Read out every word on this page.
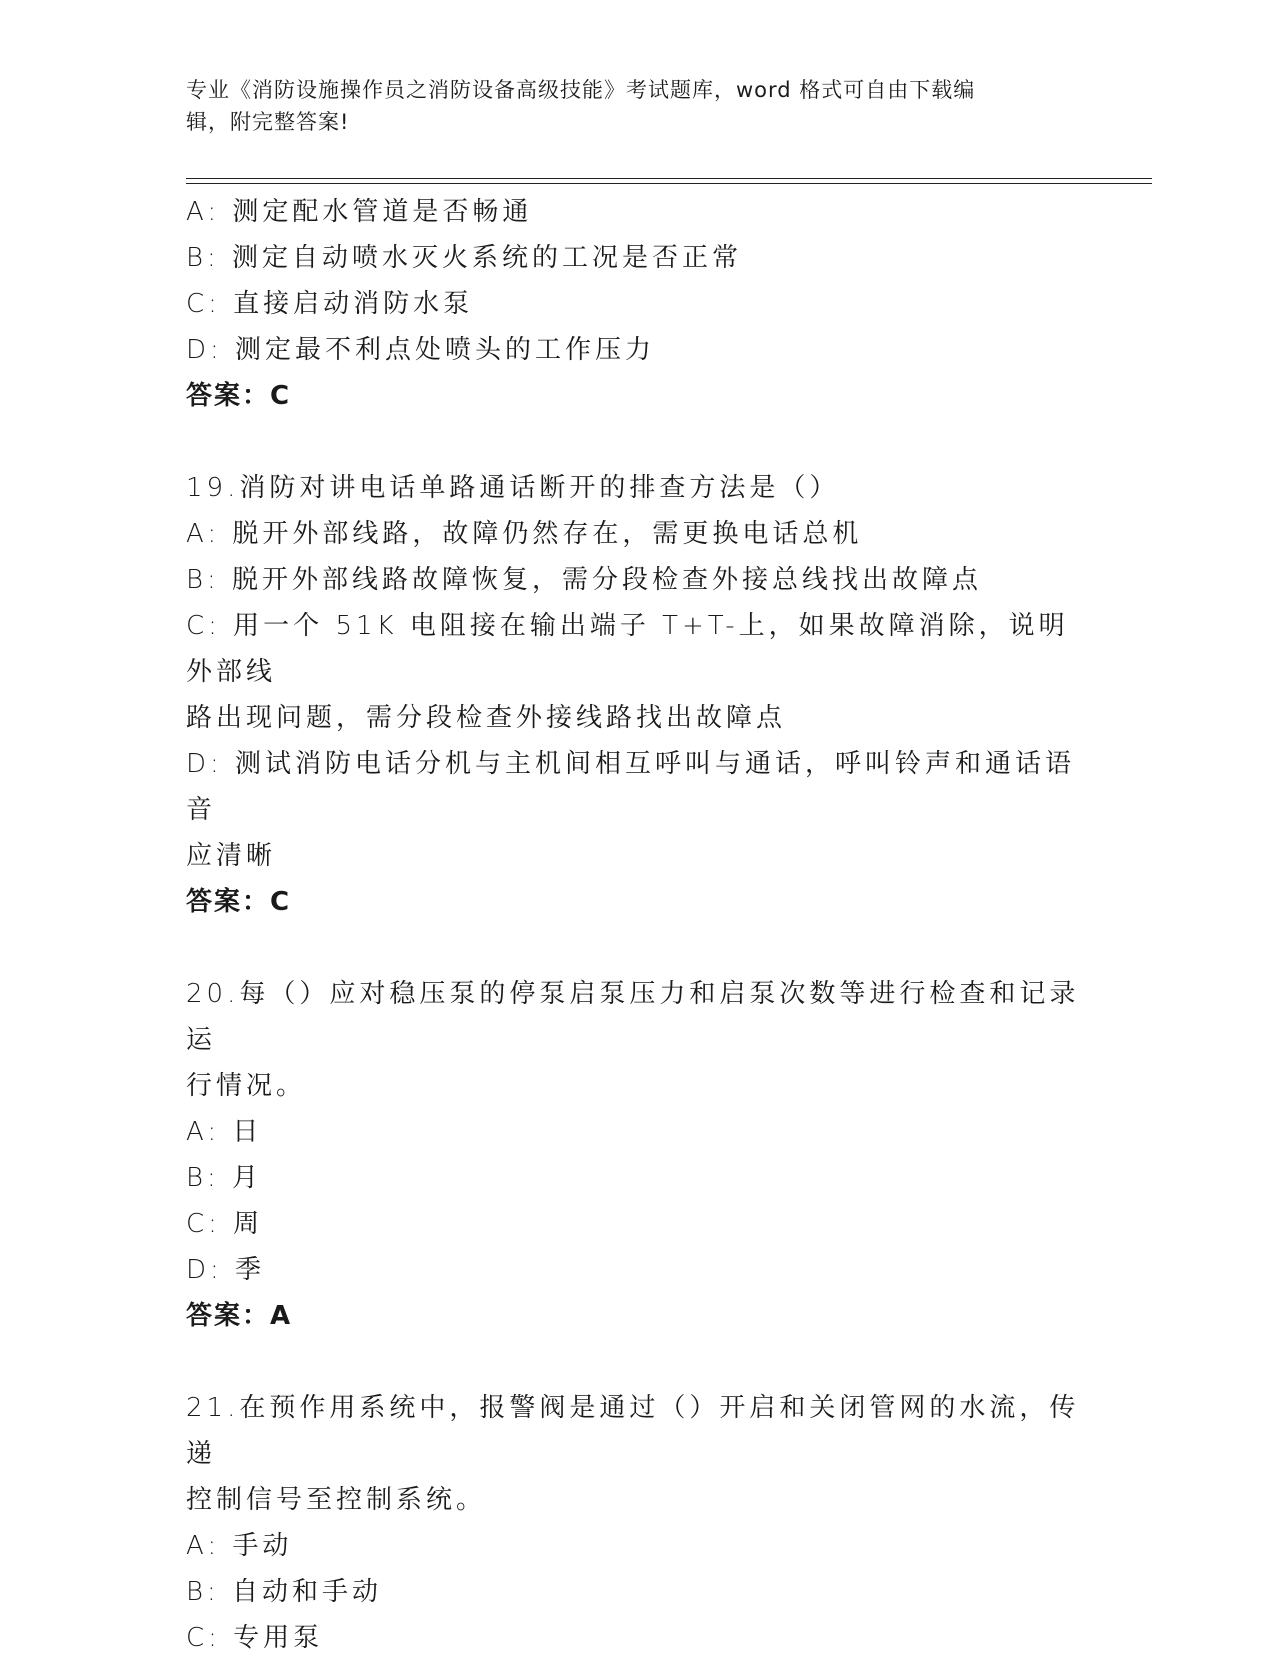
专业《消防设施操作员之消防设备高级技能》考试题库，word 格式可自由下载编
辑，附完整答案!
A: 测定配水管道是否畅通
B: 测定自动喷水灭火系统的工况是否正常
C: 直接启动消防水泵
D: 测定最不利点处喷头的工作压力
答案：C
19.消防对讲电话单路通话断开的排查方法是（）
A: 脱开外部线路，故障仍然存在，需更换电话总机
B: 脱开外部线路故障恢复，需分段检查外接总线找出故障点
C: 用一个 51K 电阻接在输出端子 T+T-上，如果故障消除，说明外部线
路出现问题，需分段检查外接线路找出故障点
D: 测试消防电话分机与主机间相互呼叫与通话，呼叫铃声和通话语音
应清晰
答案：C
20.每（）应对稳压泵的停泵启泵压力和启泵次数等进行检查和记录运
行情况。
A: 日
B: 月
C: 周
D: 季
答案：A
21.在预作用系统中，报警阀是通过（）开启和关闭管网的水流，传递
控制信号至控制系统。
A: 手动
B: 自动和手动
C: 专用泵
